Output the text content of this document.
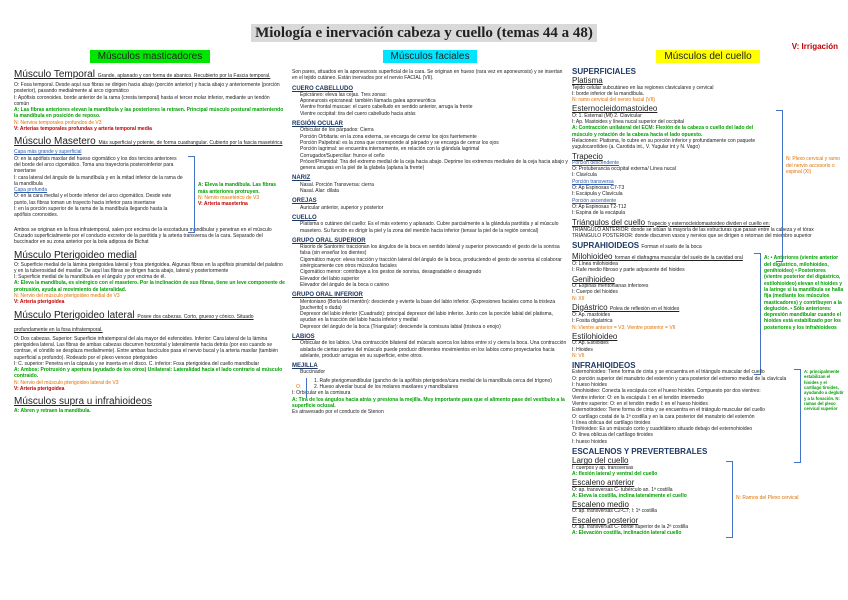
Miología e inervación cabeza y cuello (temas 44 a 48)
V: Irrigación
Músculos masticadores
Músculo Temporal Grande, aplanado y con forma de abanico. Recubierto por la Fascia temporal.

O: Fosa temporal. Desde aquí sus fibras se dirigen hacia abajo (porción anterior) y hacia abajo y anteriormente (porción posterior), pasando medialmente al arco cigomático

I: Apófisis coronoides. borde anterior de la rama (cresta temporal) hasta el tercer molar inferior, mediante un tendón común

A: Las fibras anteriores elevan la mandíbula y las posteriores la retraen. Principal músculo postural manteniendo la mandíbula en posición de reposo.

N: Nervios temporales profundos de V3

V: Arterias temporales profundas y arteria temporal media

Músculo Masetero Más superficial y potente, de forma cuadrangular. Cubierto por la fascia masetérica

Capa más grande y superficial

O: en la apófisis maxilar del hueso cigomático y los dos tercios anteriores del borde del arco cigomático. Toma una trayectoria posteroinferior para insertarse

I: cara lateral del ángulo de la mandíbula y en la mitad inferior de la rama de la mandíbula

Capa profunda

O: en la cara medial y el borde inferior del arco cigomático. Desde este punto, las fibras toman un trayecto hacia inferior para insertarse

I: en la porción superior de la rama de la mandíbula llegando hasta la apófisis coronoides.

A: Eleva la mandíbula. Las fibras más anteriores protruyen.

N: Nervio masetérico de V3

V: Arteria maseterina

Ambos se originan en la fosa infratemporal, salen por encima de la escotadura mandibular y penetran en el músculo Cruzado superficialmente por el conducto excretor de la parótida y la arteria transversa de la cara. Separado del buccinador en su zona anterior por la bola adiposa de Bichat

Músculo Pterigoideo medial

O: Superficie medial de la lámina pterigoidea lateral y fosa pterigoidea. Algunas fibras en la apófisis piramidal del palatino y en la tuberosidad del maxilar. De aquí las fibras se dirigen hacia abajo, lateral y posteriormente

I: Superficie medial de la mandíbula en el ángulo y por encima de él.

A: Eleva la mandíbula, es sinérgico con el masetero. Por la inclinación de sus fibras, tiene un leve componente de protrusión, ayuda al movimiento de lateralidad.

N: Nervio del músculo pterigoideo medial de V3

V: Arteria pterigoidea

Músculo Pterigoideo lateral Posee dos cabezas. Corto, grueso y cónico. Situado profundamente en la fosa infratemporal.

O: Dos cabezas. Superior: Superficie infratemporal del ala mayor del esfenoides. Inferior: Cara lateral de la lámina pterigoidea lateral. Las fibras de ambas cabezas discurren horizontal y lateralmente hacia detrás (por eso cuando se contrae, el cóndilo se desplaza medialmente). Entre ambas fascículos pasa el nervio bucal y la arteria maxilar (también superficial a profundo). Rodeado por el plexo venoso pterigoideo

I: C. superior: Penetra en la cápsula y se inserta en el disco. C. inferior: Fosa pterigoidea del cuello mandibular

A: Ambos: Protrusión y apertura (ayudado de los otros) Unilateral: Lateralidad hacia el lado contrario al músculo contraído.

N: Nervio del músculo pterigoideo lateral de V3

V: Arteria pterigoidea

Músculos supra u infrahioideos

A: Abren y retraen la mandíbula.

Músculos faciales

Son pares, situados en la aponeurosis superficial de la cara. Se originan en hueso (rara vez en aponeurosis) y se insertan en el tejido cutáneo. Están inervados por el nervio FACIAL (VII).

CUERO CABELLUDO
• Epicráneo: eleva las cejas. Tres zonas:
• Aponeurosis epicraneal: también llamada galea aponeurótica
• Vientre frontal muscae: el cuero cabelludo en sentido anterior, arruga la frente
• Vientre occipital: tira del cuero cabelludo hacia atrás
REGIÓN OCULAR
• Orbicular de los párpados: Cierra
• Porción Orbitaria: en la zona externa, se encarga de cerrar los ojos fuertemente
• Porción Palpebral: es la zona que corresponde al párpado y se encarga de cerrar los ojos
• Porción lagrimal: se encuentra internamente, en relación con la glándula lagrimal
• Corrugador/Superciliar: frunce el ceño
• Prócer/Piramidal: Tira del extremo medial de la ceja hacia abajo. Deprime los extremos mediales de la ceja hacia abajo y genera arrugas en la piel de la glabela (aplana la frente)
NARIZ
• Nasal. Porción Transversa: cierra
• Nasal. Alar: dilata
OREJAS
• Auricular anterior, superior y posterior
CUELLO
• Platisma o cutáneo del cuello: Es el más externo y aplanado. Cubre parcialmente a la glándula parótida y al músculo masetero. Su función es dirigir la piel y la zona del mentón hacia inferior (tensar la piel de la región cervical)
GRUPO ORAL SUPERIOR
• Risorio de Santorini: traccionan los ángulos de la boca en sentido lateral y superior provocando el gesto de la sonrisa falsa (sin enseñar los dientes)
• Cigomático mayor: eleva tracción y tracción lateral del ángulo de la boca, produciendo el gesto de sonrisa al colaborar sinérgicamente con otros músculos faciales
• Cigomático menor: contribuye a los gestos de sonrisa, desagradable o desagrado
• Elevador del labio superior
• Elevador del ángulo de la boca o canino
GRUPO ORAL INFERIOR
• Mentoniano (Borla del mentón): desciende y evierte la base del labio inferior. (Expresiones faciales como la tristeza [pucherito] o duda)
• Depresor del labio inferior (Cuadrado): principal depresor del labio inferior. Junto con la porción labial del platisma, ayudan en la tracción del labio hacia inferior y medial
• Depresor del ángulo de la boca (Triangular): desciende la comisura labial (tristeza o enojo)
LABIOS
• Orbicular de los labios. Una contracción bilateral del músculo acerca los labios entre sí y cierra la boca. Una contracción aislada de ciertas partes del músculo puede producir diferentes movimientos en los labios como proyectarlos hacia adelante, producir arrugas en su superficie, entre otros.
MEJILLA
• Buccinador
O:

1. Rafe pterigomandibular (gancho de la apófisis pterigoides/cara medial de la mandíbula cerca del trígono)

2. Hueso alveolar bucal de los molares maxilares y mandibulares

I: Orbicular en la comisura

A: Tira de los ángulos hacia atrás y presiona la mejilla. Muy importante para que el alimento pase del vestíbulo a la superficie oclusal.

Es atravesado por el conducto de Stenon

Músculos del cuello
SUPERFICIALES
Platisma

Tejido celular subcutáneo en las regiones claviculares y cervical

I: borde inferior de la mandíbula.

N: ramo cervical del nervio facial (VII)

Esternocleidomastoideo

O: 1. Esternal (Mf) 2. Clavicular

I: Ap. Mastoides y línea nucal superior del occipital

A: Contracción unilateral del ECM: Flexión de la cabeza o cuello del lado del músculo y rotación de la cabeza hacia el lado opuesto.

Relaciones: Platisma, lo cubre en su porción inferior y profundamente con paquete yugulocarotídeo (a. Carotida int., V. Yugular int y N. Vago)

Trapecio

Porción descendente

O: Protuberancia occipital externa/ Línea nucal

I: Clavícula

Porción transversa

O: Ap Espinosas C7-T3

I: Escápula y Clavícula

Porción ascendente

O: Ap Espinosas T2-T12

I: Espina de la escápula

N: Plexo cervical y ramo del nervio accesorio o espinal (XI)
Triángulos del cuello Trapecio y esternocleidomastoideo dividen el cuello en:

TRIÁNGULO ANTERIOR: donde se sitúan la mayoría de las estructuras que pasan entre la cabeza y el tórax

TRIÁNGULO POSTERIOR: donde discurren vasos y nervios que se dirigen o retornan del miembro superior

SUPRAHIOIDEOS Forman el suelo de la boca
Milohioideo forman el diafragma muscular del suelo de la cavidad oral

O: Línea milohioidea

I: Rafe medio fibroso y parte adyacente del hioides

Genihioideo

O: Espinas mentonianas inferiores

I: Cuerpo del hioides

N: XII

Digástrico Polea de reflexión en el hioides

O: Ap. mastoides

I: Fosita digástrica

N: Vientre anterior = V3; Vientre posterior = VII

Estilohioideo

O: Ap. Estiloides

I: Hioides

N: VII

A: • Anteriores (vientre anterior del digástrico, milohioideo, genihioideo) • Posteriores (vientre posterior del digástrico, estilohioideo) elevan el hioides y la laringe si la mandíbula se halla fija (mediante los músculos masticadores) y contribuyen a la deglución. • Sólo anteriores: depresión mandibular cuando el hioides está estabilizado por los posteriores y los infrahioideos
INFRAHIOIDEOS

Esternohioideo: Tiene forma de cinta y se encuentra en el triángulo muscular del cuello

O: porción superior del manubrio del esternón y cara posterior del extremo medial de la clavícula

I: hueso hioides

Omohioideo: Conecta la escápula con el hueso hioides. Compuesto por dos vientres:

Vientre inferior: O: en la escápula I: en el tendón intermedio

Vientre superior: O: en el tendón medio I: en el hueso hioides

Esternotiroideo: Tiene forma de cinta y se encuentra en el triángulo muscular del cuello

O: cartílago costal de la 1ª costilla y en la cara posterior del manubrio del esternón

I: línea oblicua del cartílago tiroides

Tirohioideo: Es un músculo corto y cuadrilátero situado debajo del esternohioideo

O: línea oblicua del cartílago tiroides

I: hueso hioides

A: principalmente estabilizan el hioides y el cartílago tiroides, ayudando a deglutir y a la fonación. N: ramas del plexo cervical superior
ESCALENOS Y PREVERTEBRALES
Largo del cuello

I: cuerpos y ap. transversas

A: flexión lateral y ventral del cuello

Escaleno anterior

O: ap. transversas C- tubérculo an. 1ª costilla

A: Eleva la costilla, inclina lateralmente el cuello

Escaleno medio

O: ap. transversas C2-C7; I: 1ª costilla

Escaleno posterior

O: ap. transversas C- borde superior de la 2ª costilla

A: Elevación costilla, inclinación lateral cuello

N: Ramos del Plexo cervical
